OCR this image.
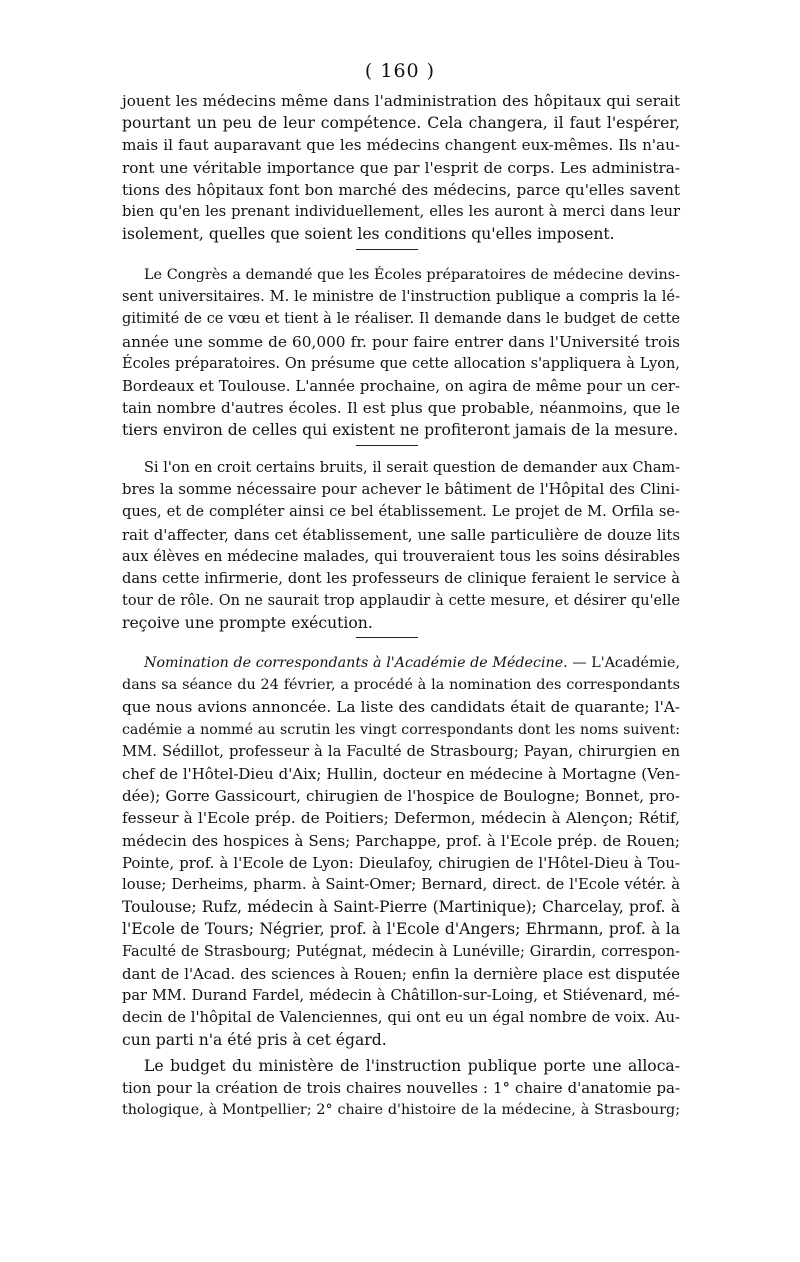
( 160 )
jouent les médecins même dans l'administration des hôpitaux qui serait
pourtant un peu de leur compétence. Cela changera, il faut l'espérer,
mais il faut auparavant que les médecins changent eux-mêmes. Ils n'au-
ront une véritable importance que par l'esprit de corps. Les administra-
tions des hôpitaux font bon marché des médecins, parce qu'elles savent
bien qu'en les prenant individuellement, elles les auront à merci dans leur
isolement, quelles que soient les conditions qu'elles imposent.
Le Congrès a demandé que les Écoles préparatoires de médecine devins-
sent universitaires. M. le ministre de l'instruction publique a compris la lé-
gitimité de ce vœu et tient à le réaliser. Il demande dans le budget de cette
année une somme de 60,000 fr. pour faire entrer dans l'Université trois
Écoles préparatoires. On présume que cette allocation s'appliquera à Lyon,
Bordeaux et Toulouse. L'année prochaine, on agira de même pour un cer-
tain nombre d'autres écoles. Il est plus que probable, néanmoins, que le
tiers environ de celles qui existent ne profiteront jamais de la mesure.
Si l'on en croit certains bruits, il serait question de demander aux Cham-
bres la somme nécessaire pour achever le bâtiment de l'Hôpital des Clini-
ques, et de compléter ainsi ce bel établissement. Le projet de M. Orfila se-
rait d'affecter, dans cet établissement, une salle particulière de douze lits
aux élèves en médecine malades, qui trouveraient tous les soins désirables
dans cette infirmerie, dont les professeurs de clinique feraient le service à
tour de rôle. On ne saurait trop applaudir à cette mesure, et désirer qu'elle
reçoive une prompte exécution.
Nomination de correspondants à l'Académie de Médecine. — L'Académie,
dans sa séance du 24 février, a procédé à la nomination des correspondants
que nous avions annoncée. La liste des candidats était de quarante; l'A-
cadémie a nommé au scrutin les vingt correspondants dont les noms suivent:
MM. Sédillot, professeur à la Faculté de Strasbourg; Payan, chirurgien en
chef de l'Hôtel-Dieu d'Aix; Hullin, docteur en médecine à Mortagne (Ven-
dée); Gorre Gassicourt, chirugien de l'hospice de Boulogne; Bonnet, pro-
fesseur à l'Ecole prép. de Poitiers; Defermon, médecin à Alençon; Rétif,
médecin des hospices à Sens; Parchappe, prof. à l'Ecole prép. de Rouen;
Pointe, prof. à l'Ecole de Lyon: Dieulafoy, chirugien de l'Hôtel-Dieu à Tou-
louse; Derheims, pharm. à Saint-Omer; Bernard, direct. de l'Ecole vétér. à
Toulouse; Rufz, médecin à Saint-Pierre (Martinique); Charcelay, prof. à
l'Ecole de Tours; Négrier, prof. à l'Ecole d'Angers; Ehrmann, prof. à la
Faculté de Strasbourg; Putégnat, médecin à Lunéville; Girardin, correspon-
dant de l'Acad. des sciences à Rouen; enfin la dernière place est disputée
par MM. Durand Fardel, médecin à Châtillon-sur-Loing, et Stiévenard, mé-
decin de l'hôpital de Valenciennes, qui ont eu un égal nombre de voix. Au-
cun parti n'a été pris à cet égard.
Le budget du ministère de l'instruction publique porte une alloca-
tion pour la création de trois chaires nouvelles : 1° chaire d'anatomie pa-
thologique, à Montpellier; 2° chaire d'histoire de la médecine, à Strasbourg;
